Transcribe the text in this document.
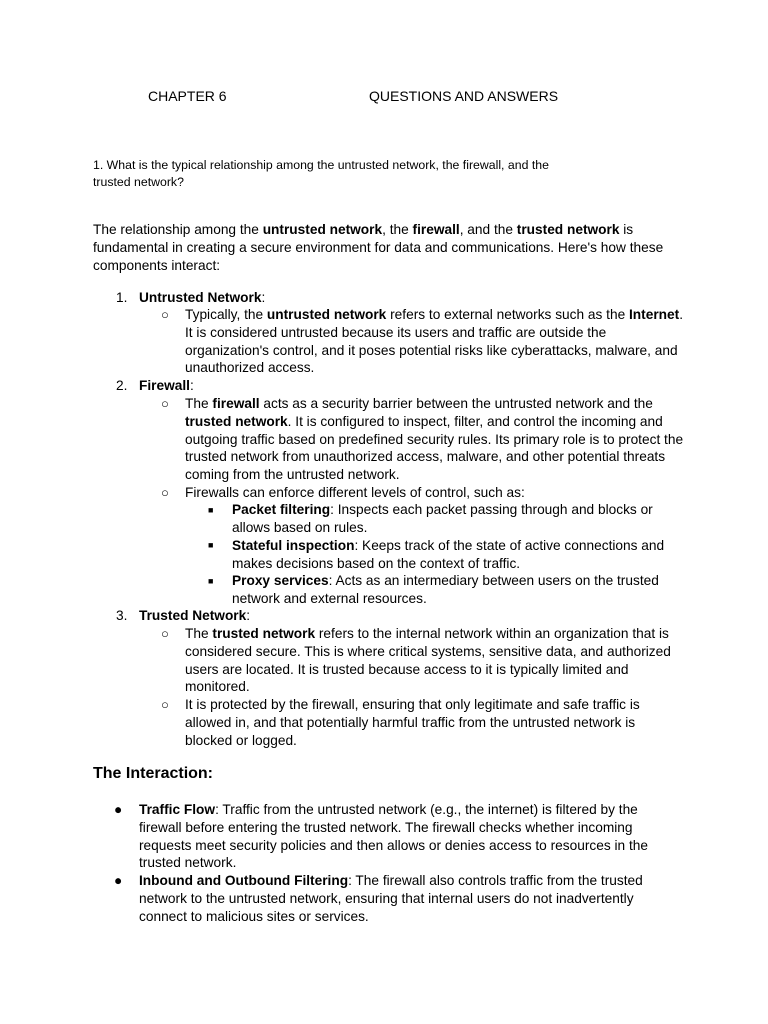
CHAPTER 6	QUESTIONS AND ANSWERS
1. What is the typical relationship among the untrusted network, the firewall, and the
trusted network?
The relationship among the untrusted network, the firewall, and the trusted network is fundamental in creating a secure environment for data and communications. Here's how these components interact:
1. Untrusted Network:
○ Typically, the untrusted network refers to external networks such as the Internet. It is considered untrusted because its users and traffic are outside the organization's control, and it poses potential risks like cyberattacks, malware, and unauthorized access.
2. Firewall:
○ The firewall acts as a security barrier between the untrusted network and the trusted network. It is configured to inspect, filter, and control the incoming and outgoing traffic based on predefined security rules. Its primary role is to protect the trusted network from unauthorized access, malware, and other potential threats coming from the untrusted network.
○ Firewalls can enforce different levels of control, such as:
■ Packet filtering: Inspects each packet passing through and blocks or allows based on rules.
■ Stateful inspection: Keeps track of the state of active connections and makes decisions based on the context of traffic.
■ Proxy services: Acts as an intermediary between users on the trusted network and external resources.
3. Trusted Network:
○ The trusted network refers to the internal network within an organization that is considered secure. This is where critical systems, sensitive data, and authorized users are located. It is trusted because access to it is typically limited and monitored.
○ It is protected by the firewall, ensuring that only legitimate and safe traffic is allowed in, and that potentially harmful traffic from the untrusted network is blocked or logged.
The Interaction:
● Traffic Flow: Traffic from the untrusted network (e.g., the internet) is filtered by the firewall before entering the trusted network. The firewall checks whether incoming requests meet security policies and then allows or denies access to resources in the trusted network.
● Inbound and Outbound Filtering: The firewall also controls traffic from the trusted network to the untrusted network, ensuring that internal users do not inadvertently connect to malicious sites or services.
